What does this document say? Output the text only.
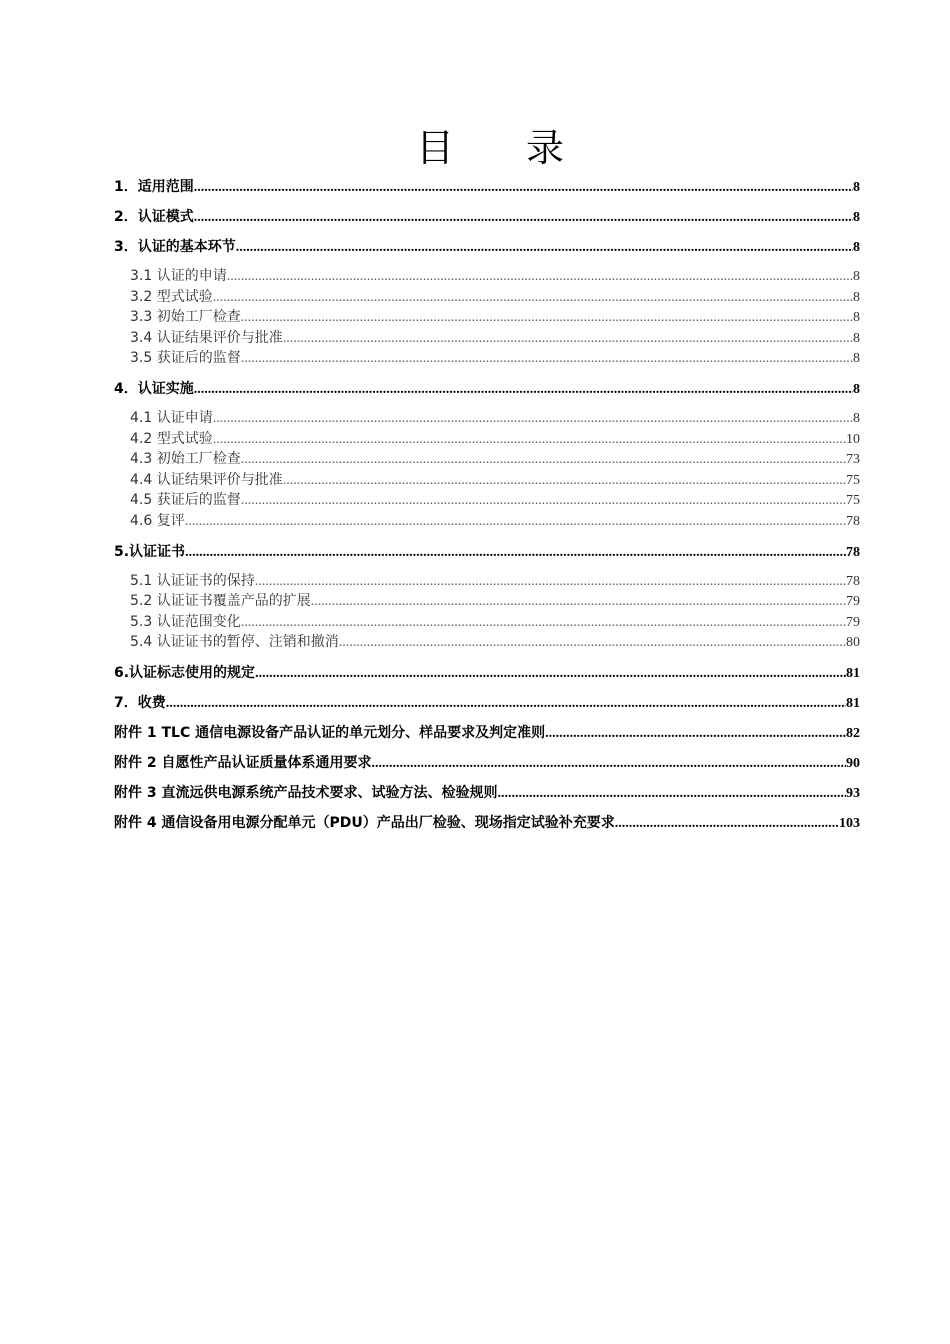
目 录
1．适用范围 .....	8
2．认证模式 .....	8
3．认证的基本环节 .....	8
3.1 认证的申请 .....	8
3.2 型式试验 .....	8
3.3 初始工厂检查 .....	8
3.4 认证结果评价与批准 .....	8
3.5 获证后的监督 .....	8
4．认证实施 .....	8
4.1 认证申请 .....	8
4.2 型式试验 .....	10
4.3 初始工厂检查 .....	73
4.4 认证结果评价与批准 .....	75
4.5 获证后的监督 .....	75
4.6 复评 .....	78
5.认证证书 .....	78
5.1 认证证书的保持 .....	78
5.2 认证证书覆盖产品的扩展 .....	79
5.3 认证范围变化 .....	79
5.4 认证证书的暂停、注销和撤消 .....	80
6.认证标志使用的规定 .....	81
7．收费 .....	81
附件 1 TLC 通信电源设备产品认证的单元划分、样品要求及判定准则 .....	82
附件 2 自愿性产品认证质量体系通用要求 .....	90
附件 3 直流远供电源系统产品技术要求、试验方法、检验规则 .....	93
附件 4 通信设备用电源分配单元（PDU）产品出厂检验、现场指定试验补充要求 .....	103
